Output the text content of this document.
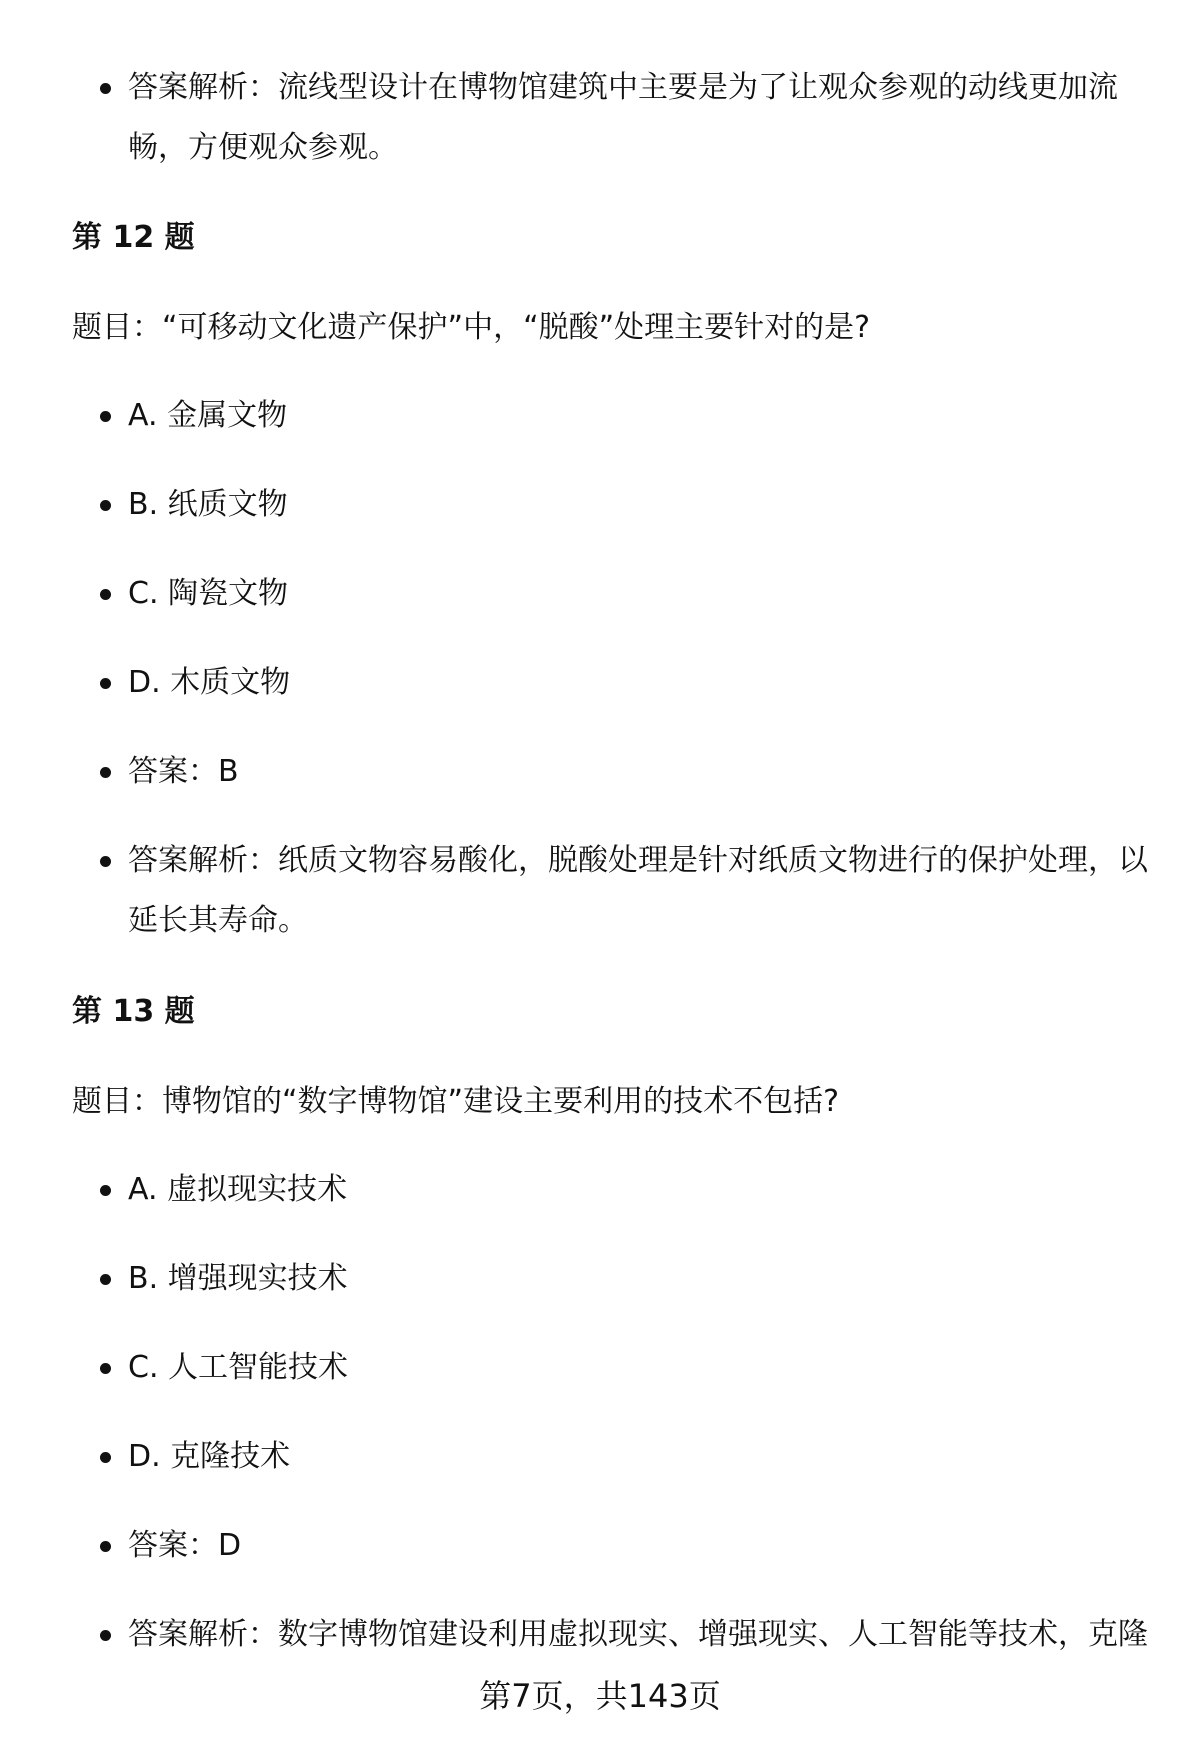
答案解析：流线型设计在博物馆建筑中主要是为了让观众参观的动线更加流畅，方便观众参观。
第 12 题
题目：“可移动文化遗产保护”中，“脱酸”处理主要针对的是?
A. 金属文物
B. 纸质文物
C. 陶瓷文物
D. 木质文物
答案：B
答案解析：纸质文物容易酸化，脱酸处理是针对纸质文物进行的保护处理，以延长其寿命。
第 13 题
题目：博物馆的“数字博物馆”建设主要利用的技术不包括?
A. 虚拟现实技术
B. 增强现实技术
C. 人工智能技术
D. 克隆技术
答案：D
答案解析：数字博物馆建设利用虚拟现实、增强现实、人工智能等技术，克隆
第7页，共143页
